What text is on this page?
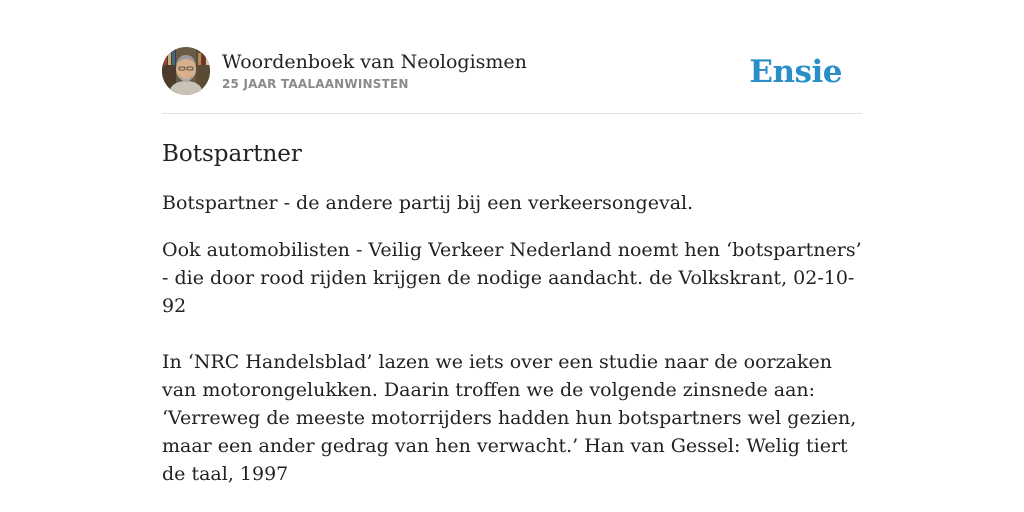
Woordenboek van Neologismen
25 JAAR TAALAANWINSTEN	Ensie
Botspartner
Botspartner - de andere partij bij een verkeersongeval.
Ook automobilisten - Veilig Verkeer Nederland noemt hen ‘botspartners’ - die door rood rijden krijgen de nodige aandacht. de Volkskrant, 02-10-92
In ‘NRC Handelsblad’ lazen we iets over een studie naar de oorzaken van motorongelukken. Daarin troffen we de volgende zinsnede aan: ‘Verreweg de meeste motorrijders hadden hun botspartners wel gezien, maar een ander gedrag van hen verwacht.’ Han van Gessel: Welig tiert de taal, 1997
